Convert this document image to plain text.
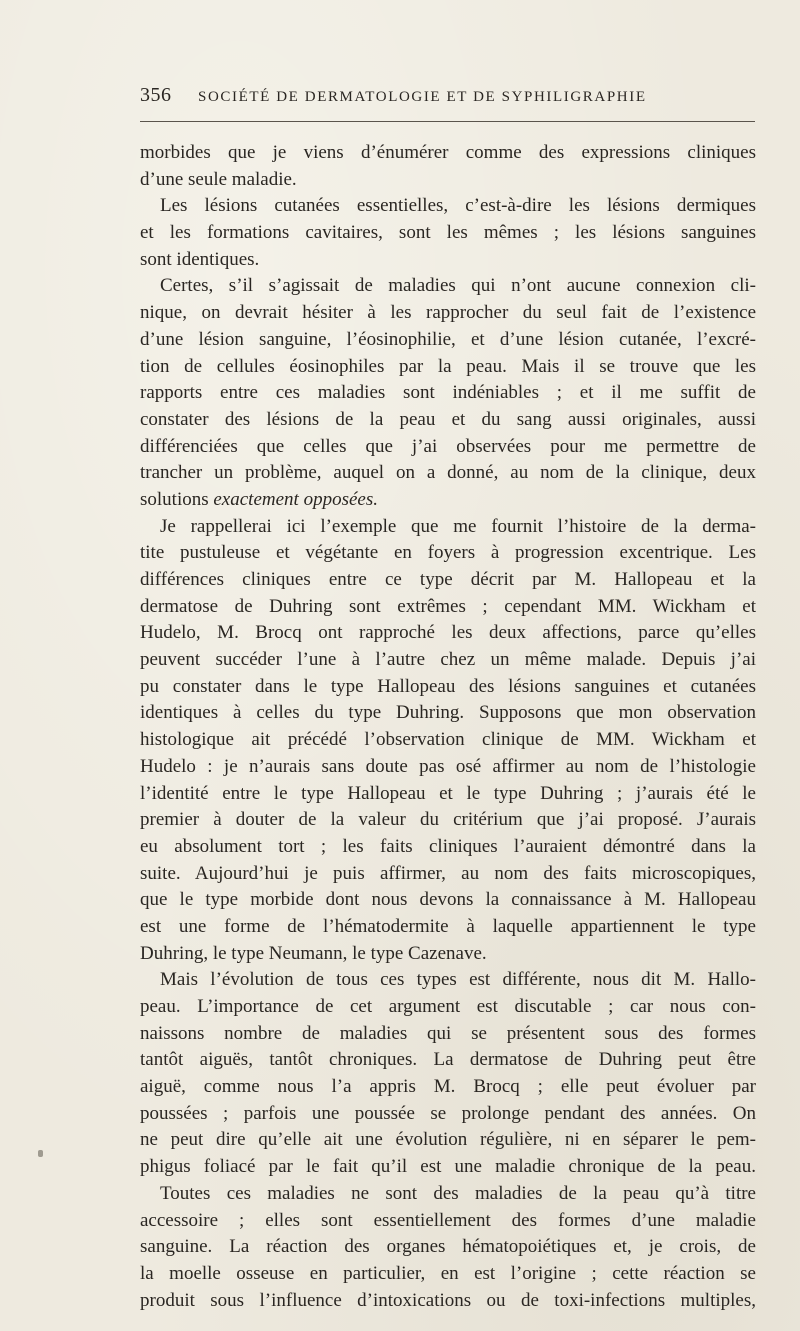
356	SOCIÉTÉ DE DERMATOLOGIE ET DE SYPHILIGRAPHIE
morbides que je viens d’énumérer comme des expressions cliniques
d’une seule maladie.
Les lésions cutanées essentielles, c’est-à-dire les lésions dermiques
et les formations cavitaires, sont les mêmes ; les lésions sanguines
sont identiques.
Certes, s’il s’agissait de maladies qui n’ont aucune connexion cli-
nique, on devrait hésiter à les rapprocher du seul fait de l’existence
d’une lésion sanguine, l’éosinophilie, et d’une lésion cutanée, l’excré-
tion de cellules éosinophiles par la peau. Mais il se trouve que les
rapports entre ces maladies sont indéniables ; et il me suffit de
constater des lésions de la peau et du sang aussi originales, aussi
différenciées que celles que j’ai observées pour me permettre de
trancher un problème, auquel on a donné, au nom de la clinique, deux
solutions exactement opposées.
Je rappellerai ici l’exemple que me fournit l’histoire de la derma-
tite pustuleuse et végétante en foyers à progression excentrique. Les
différences cliniques entre ce type décrit par M. Hallopeau et la
dermatose de Duhring sont extrêmes ; cependant MM. Wickham et
Hudelo, M. Brocq ont rapproché les deux affections, parce qu’elles
peuvent succéder l’une à l’autre chez un même malade. Depuis j’ai
pu constater dans le type Hallopeau des lésions sanguines et cutanées
identiques à celles du type Duhring. Supposons que mon observation
histologique ait précédé l’observation clinique de MM. Wickham et
Hudelo : je n’aurais sans doute pas osé affirmer au nom de l’histologie
l’identité entre le type Hallopeau et le type Duhring ; j’aurais été le
premier à douter de la valeur du critérium que j’ai proposé. J’aurais
eu absolument tort ; les faits cliniques l’auraient démontré dans la
suite. Aujourd’hui je puis affirmer, au nom des faits microscopiques,
que le type morbide dont nous devons la connaissance à M. Hallopeau
est une forme de l’hématodermite à laquelle appartiennent le type
Duhring, le type Neumann, le type Cazenave.
Mais l’évolution de tous ces types est différente, nous dit M. Hallo-
peau. L’importance de cet argument est discutable ; car nous con-
naissons nombre de maladies qui se présentent sous des formes
tantôt aiguës, tantôt chroniques. La dermatose de Duhring peut être
aiguë, comme nous l’a appris M. Brocq ; elle peut évoluer par
poussées ; parfois une poussée se prolonge pendant des années. On
ne peut dire qu’elle ait une évolution régulière, ni en séparer le pem-
phigus foliacé par le fait qu’il est une maladie chronique de la peau.
Toutes ces maladies ne sont des maladies de la peau qu’à titre
accessoire ; elles sont essentiellement des formes d’une maladie
sanguine. La réaction des organes hématopoiétiques et, je crois, de
la moelle osseuse en particulier, en est l’origine ; cette réaction se
produit sous l’influence d’intoxications ou de toxi-infections multiples,
